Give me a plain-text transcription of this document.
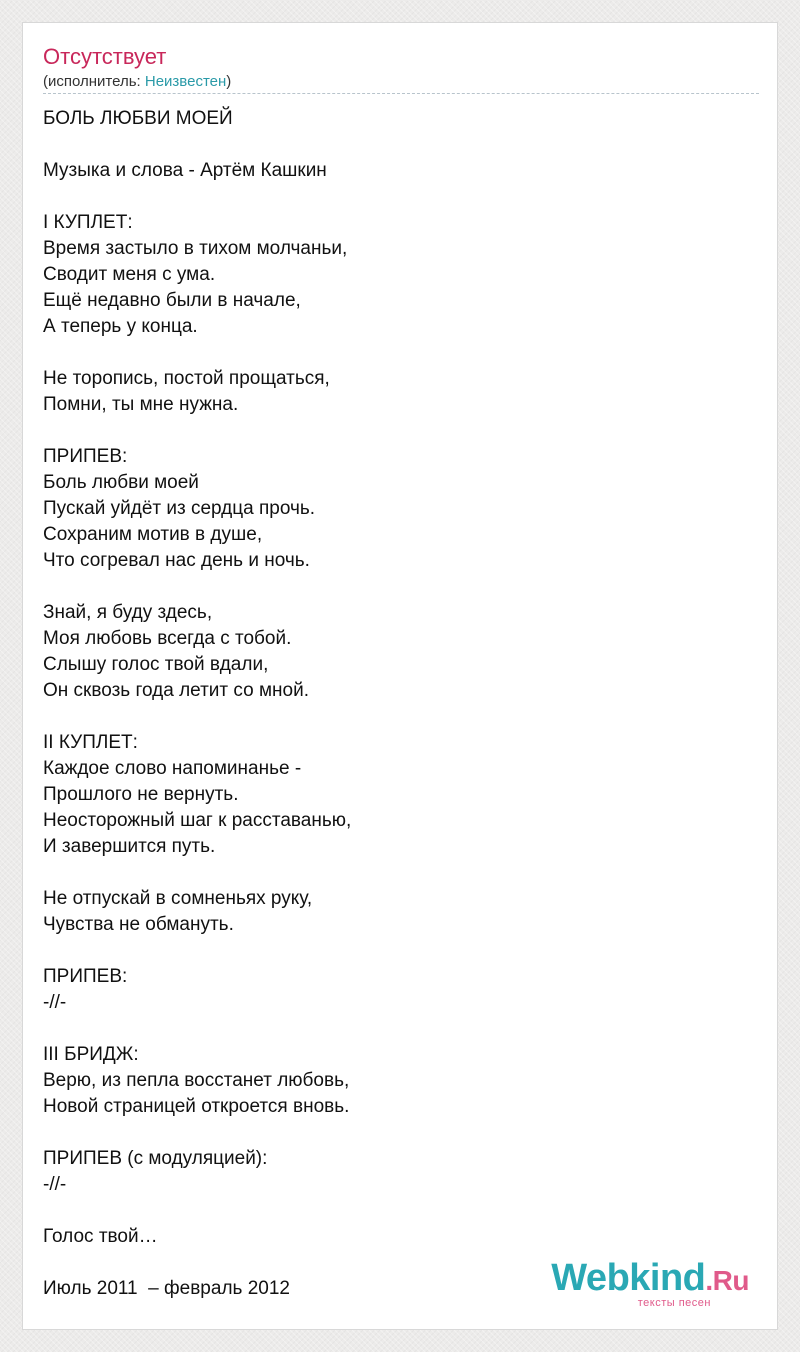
Отсутствует
(исполнитель: Неизвестен)
БОЛЬ ЛЮБВИ МОЕЙ
Музыка и слова - Артём Кашкин
I КУПЛЕТ:
Время застыло в тихом молчаньи,
Сводит меня с ума.
Ещё недавно были в начале,
А теперь у конца.
Не торопись, постой прощаться,
Помни, ты мне нужна.
ПРИПЕВ:
Боль любви моей
Пускай уйдёт из сердца прочь.
Сохраним мотив в душе,
Что согревал нас день и ночь.
Знай, я буду здесь,
Моя любовь всегда с тобой.
Слышу голос твой вдали,
Он сквозь года летит со мной.
II КУПЛЕТ:
Каждое слово напоминанье -
Прошлого не вернуть.
Неосторожный шаг к расставанью,
И завершится путь.
Не отпускай в сомненьях руку,
Чувства не обмануть.
ПРИПЕВ:
-//-
III БРИДЖ:
Верю, из пепла восстанет любовь,
Новой страницей откроется вновь.
ПРИПЕВ (с модуляцией):
-//-
Голос твой…
Июль 2011  – февраль 2012	Webkind.Ru
тексты песен
